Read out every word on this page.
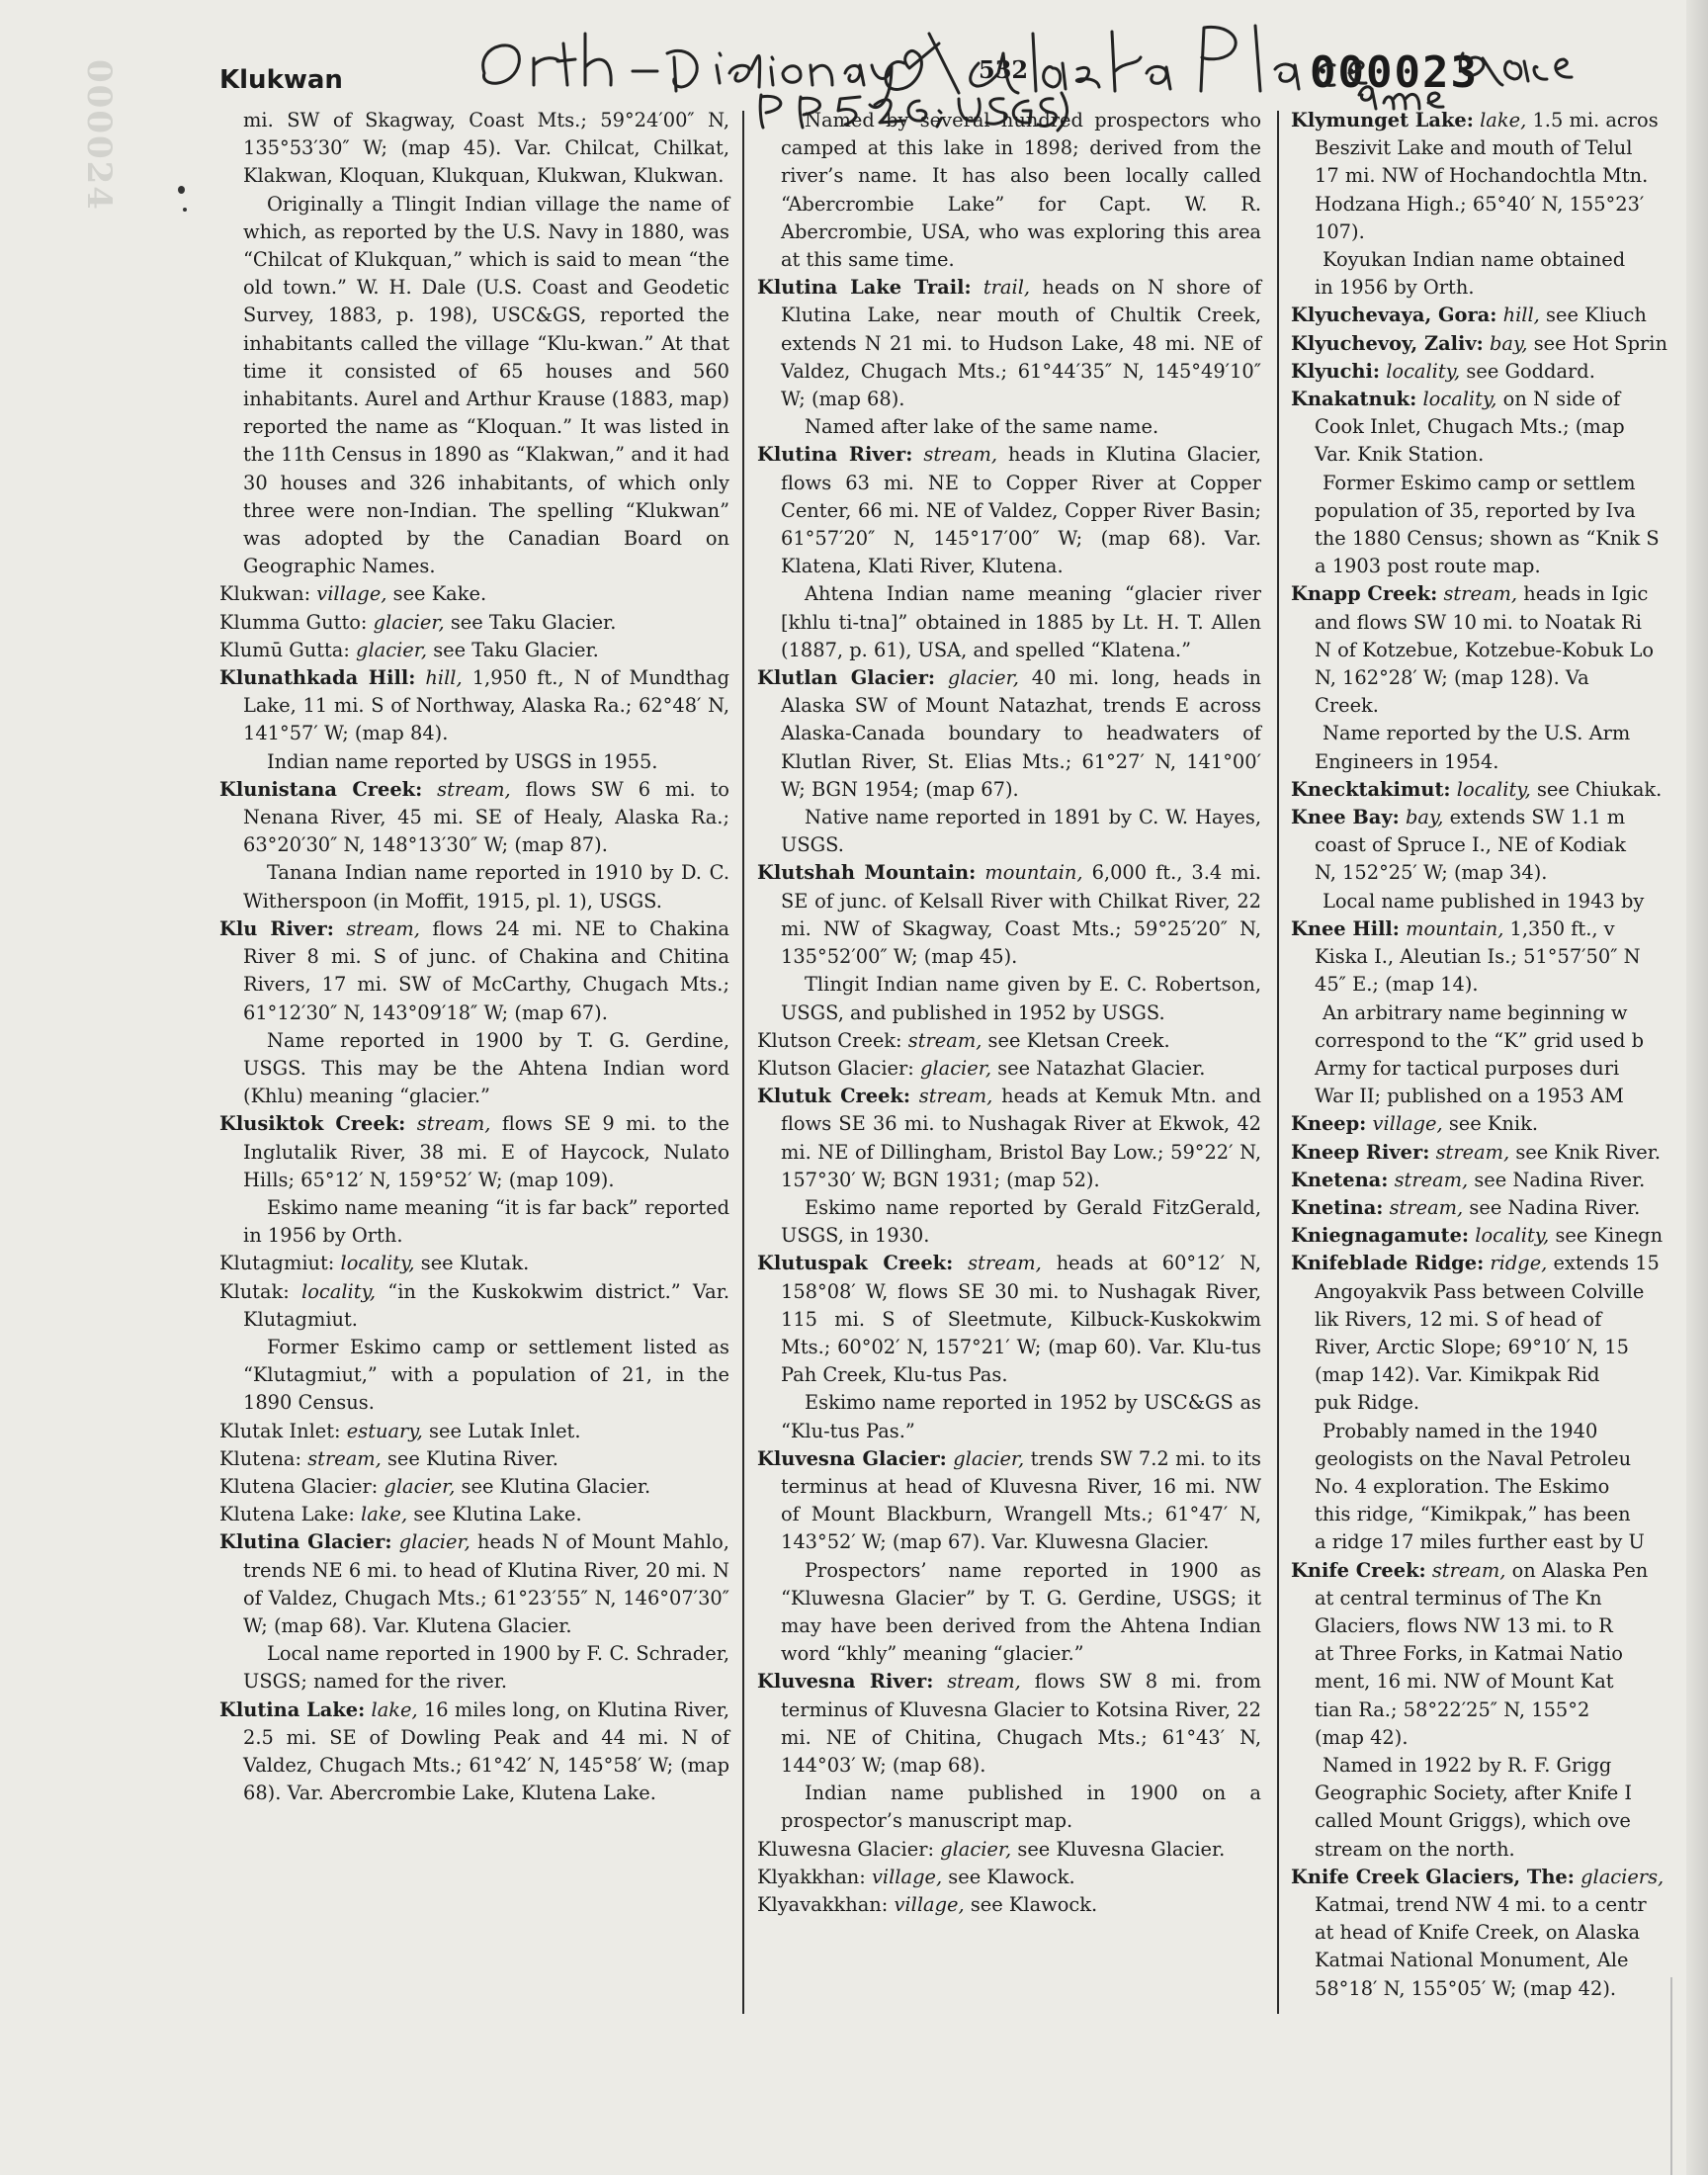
000024	Klukwan	532	000023

mi. SW of Skagway, Coast Mts.; 59°24′00″ N, 135°53′30″ W; (map 45). Var. Chilcat, Chilkat, Klakwan, Kloquan, Klukquan, Klukwan, Klukwan.

Originally a Tlingit Indian village the name of which, as reported by the U.S. Navy in 1880, was “Chilcat of Klukquan,” which is said to mean “the old town.” W. H. Dale (U.S. Coast and Geodetic Survey, 1883, p. 198), USC&GS, reported the inhabitants called the village “Klu-kwan.” At that time it consisted of 65 houses and 560 inhabitants. Aurel and Arthur Krause (1883, map) reported the name as “Kloquan.” It was listed in the 11th Census in 1890 as “Klakwan,” and it had 30 houses and 326 inhabitants, of which only three were non-Indian. The spelling “Klukwan” was adopted by the Canadian Board on Geographic Names.

Klukwan: village, see Kake.

Klumma Gutto: glacier, see Taku Glacier.

Klumū Gutta: glacier, see Taku Glacier.

Klunathkada Hill: hill, 1,950 ft., N of Mundthag Lake, 11 mi. S of Northway, Alaska Ra.; 62°48′ N, 141°57′ W; (map 84).

Indian name reported by USGS in 1955.

Klunistana Creek: stream, flows SW 6 mi. to Nenana River, 45 mi. SE of Healy, Alaska Ra.; 63°20′30″ N, 148°13′30″ W; (map 87).

Tanana Indian name reported in 1910 by D. C. Witherspoon (in Moffit, 1915, pl. 1), USGS.

Klu River: stream, flows 24 mi. NE to Chakina River 8 mi. S of junc. of Chakina and Chitina Rivers, 17 mi. SW of McCarthy, Chugach Mts.; 61°12′30″ N, 143°09′18″ W; (map 67).

Name reported in 1900 by T. G. Gerdine, USGS. This may be the Ahtena Indian word (Khlu) meaning “glacier.”

Klusiktok Creek: stream, flows SE 9 mi. to the Inglutalik River, 38 mi. E of Haycock, Nulato Hills; 65°12′ N, 159°52′ W; (map 109).

Eskimo name meaning “it is far back” reported in 1956 by Orth.

Klutagmiut: locality, see Klutak.

Klutak: locality, “in the Kuskokwim district.” Var. Klutagmiut.

Former Eskimo camp or settlement listed as “Klutagmiut,” with a population of 21, in the 1890 Census.

Klutak Inlet: estuary, see Lutak Inlet.

Klutena: stream, see Klutina River.

Klutena Glacier: glacier, see Klutina Glacier.

Klutena Lake: lake, see Klutina Lake.

Klutina Glacier: glacier, heads N of Mount Mahlo, trends NE 6 mi. to head of Klutina River, 20 mi. N of Valdez, Chugach Mts.; 61°23′55″ N, 146°07′30″ W; (map 68). Var. Klutena Glacier.

Local name reported in 1900 by F. C. Schrader, USGS; named for the river.

Klutina Lake: lake, 16 miles long, on Klutina River, 2.5 mi. SE of Dowling Peak and 44 mi. N of Valdez, Chugach Mts.; 61°42′ N, 145°58′ W; (map 68). Var. Abercrombie Lake, Klutena Lake.

Named by several hundred prospectors who camped at this lake in 1898; derived from the river’s name. It has also been locally called “Abercrombie Lake” for Capt. W. R. Abercrombie, USA, who was exploring this area at this same time.

Klutina Lake Trail: trail, heads on N shore of Klutina Lake, near mouth of Chultik Creek, extends N 21 mi. to Hudson Lake, 48 mi. NE of Valdez, Chugach Mts.; 61°44′35″ N, 145°49′10″ W; (map 68).

Named after lake of the same name.

Klutina River: stream, heads in Klutina Glacier, flows 63 mi. NE to Copper River at Copper Center, 66 mi. NE of Valdez, Copper River Basin; 61°57′20″ N, 145°17′00″ W; (map 68). Var. Klatena, Klati River, Klutena.

Ahtena Indian name meaning “glacier river [khlu ti-tna]” obtained in 1885 by Lt. H. T. Allen (1887, p. 61), USA, and spelled “Klatena.”

Klutlan Glacier: glacier, 40 mi. long, heads in Alaska SW of Mount Natazhat, trends E across Alaska-Canada boundary to headwaters of Klutlan River, St. Elias Mts.; 61°27′ N, 141°00′ W; BGN 1954; (map 67).

Native name reported in 1891 by C. W. Hayes, USGS.

Klutshah Mountain: mountain, 6,000 ft., 3.4 mi. SE of junc. of Kelsall River with Chilkat River, 22 mi. NW of Skagway, Coast Mts.; 59°25′20″ N, 135°52′00″ W; (map 45).

Tlingit Indian name given by E. C. Robertson, USGS, and published in 1952 by USGS.

Klutson Creek: stream, see Kletsan Creek.

Klutson Glacier: glacier, see Natazhat Glacier.

Klutuk Creek: stream, heads at Kemuk Mtn. and flows SE 36 mi. to Nushagak River at Ekwok, 42 mi. NE of Dillingham, Bristol Bay Low.; 59°22′ N, 157°30′ W; BGN 1931; (map 52).

Eskimo name reported by Gerald FitzGerald, USGS, in 1930.

Klutuspak Creek: stream, heads at 60°12′ N, 158°08′ W, flows SE 30 mi. to Nushagak River, 115 mi. S of Sleetmute, Kilbuck-Kuskokwim Mts.; 60°02′ N, 157°21′ W; (map 60). Var. Klu-tus Pah Creek, Klu-tus Pas.

Eskimo name reported in 1952 by USC&GS as “Klu-tus Pas.”

Kluvesna Glacier: glacier, trends SW 7.2 mi. to its terminus at head of Kluvesna River, 16 mi. NW of Mount Blackburn, Wrangell Mts.; 61°47′ N, 143°52′ W; (map 67). Var. Kluwesna Glacier.

Prospectors’ name reported in 1900 as “Kluwesna Glacier” by T. G. Gerdine, USGS; it may have been derived from the Ahtena Indian word “khly” meaning “glacier.”

Kluvesna River: stream, flows SW 8 mi. from terminus of Kluvesna Glacier to Kotsina River, 22 mi. NE of Chitina, Chugach Mts.; 61°43′ N, 144°03′ W; (map 68).

Indian name published in 1900 on a prospector’s manuscript map.

Kluwesna Glacier: glacier, see Kluvesna Glacier.

Klyakkhan: village, see Klawock.

Klyavakkhan: village, see Klawock.

Klymunget Lake: lake, 1.5 mi. acros

Beszivit Lake and mouth of Telul

17 mi. NW of Hochandochtla Mtn.

Hodzana High.; 65°40′ N, 155°23′

107).

Koyukan Indian name obtained

in 1956 by Orth.

Klyuchevaya, Gora: hill, see Kliuch

Klyuchevoy, Zaliv: bay, see Hot Sprin

Klyuchi: locality, see Goddard.

Knakatnuk: locality, on N side of

Cook Inlet, Chugach Mts.; (map

Var. Knik Station.

Former Eskimo camp or settlem

population of 35, reported by Iva

the 1880 Census; shown as “Knik S

a 1903 post route map.

Knapp Creek: stream, heads in Igic

and flows SW 10 mi. to Noatak Ri

N of Kotzebue, Kotzebue-Kobuk Lo

N, 162°28′ W; (map 128). Va

Creek.

Name reported by the U.S. Arm

Engineers in 1954.

Knecktakimut: locality, see Chiukak.

Knee Bay: bay, extends SW 1.1 m

coast of Spruce I., NE of Kodiak

N, 152°25′ W; (map 34).

Local name published in 1943 by

Knee Hill: mountain, 1,350 ft., v

Kiska I., Aleutian Is.; 51°57′50″ N

45″ E.; (map 14).

An arbitrary name beginning w

correspond to the “K” grid used b

Army for tactical purposes duri

War II; published on a 1953 AM

Kneep: village, see Knik.

Kneep River: stream, see Knik River.

Knetena: stream, see Nadina River.

Knetina: stream, see Nadina River.

Kniegnagamute: locality, see Kinegn

Knifeblade Ridge: ridge, extends 15

Angoyakvik Pass between Colville

lik Rivers, 12 mi. S of head of

River, Arctic Slope; 69°10′ N, 15

(map 142). Var. Kimikpak Rid

puk Ridge.

Probably named in the 1940

geologists on the Naval Petroleu

No. 4 exploration. The Eskimo

this ridge, “Kimikpak,” has been

a ridge 17 miles further east by U

Knife Creek: stream, on Alaska Pen

at central terminus of The Kn

Glaciers, flows NW 13 mi. to R

at Three Forks, in Katmai Natio

ment, 16 mi. NW of Mount Kat

tian Ra.; 58°22′25″ N, 155°2

(map 42).

Named in 1922 by R. F. Grigg

Geographic Society, after Knife I

called Mount Griggs), which ove

stream on the north.

Knife Creek Glaciers, The: glaciers,

Katmai, trend NW 4 mi. to a centr

at head of Knife Creek, on Alaska

Katmai National Monument, Ale

58°18′ N, 155°05′ W; (map 42).
